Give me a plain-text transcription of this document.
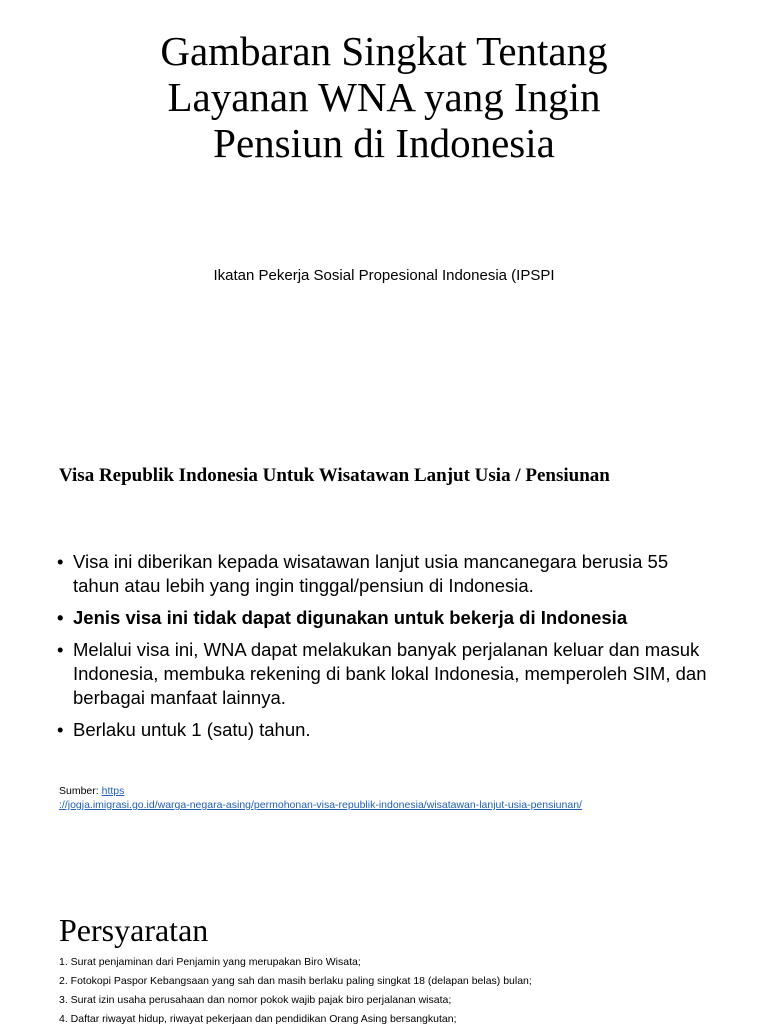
Gambaran Singkat Tentang
Layanan WNA yang Ingin
Pensiun di Indonesia
Ikatan Pekerja Sosial Propesional Indonesia (IPSPI
Visa Republik Indonesia Untuk Wisatawan Lanjut Usia / Pensiunan
• Visa ini diberikan kepada wisatawan lanjut usia mancanegara berusia 55 tahun atau lebih yang ingin tinggal/pensiun di Indonesia.
• Jenis visa ini tidak dapat digunakan untuk bekerja di Indonesia
• Melalui visa ini, WNA dapat melakukan banyak perjalanan keluar dan masuk Indonesia, membuka rekening di bank lokal Indonesia, memperoleh SIM, dan berbagai manfaat lainnya.
• Berlaku untuk 1 (satu) tahun.
Sumber: https
://jogja.imigrasi.go.id/warga-negara-asing/permohonan-visa-republik-indonesia/wisatawan-lanjut-usia-pensiunan/
Persyaratan
1. Surat penjaminan dari Penjamin yang merupakan Biro Wisata;
2. Fotokopi Paspor Kebangsaan yang sah dan masih berlaku paling singkat 18 (delapan belas) bulan;
3. Surat izin usaha perusahaan dan nomor pokok wajib pajak biro perjalanan wisata;
4. Daftar riwayat hidup, riwayat pekerjaan dan pendidikan Orang Asing bersangkutan;
